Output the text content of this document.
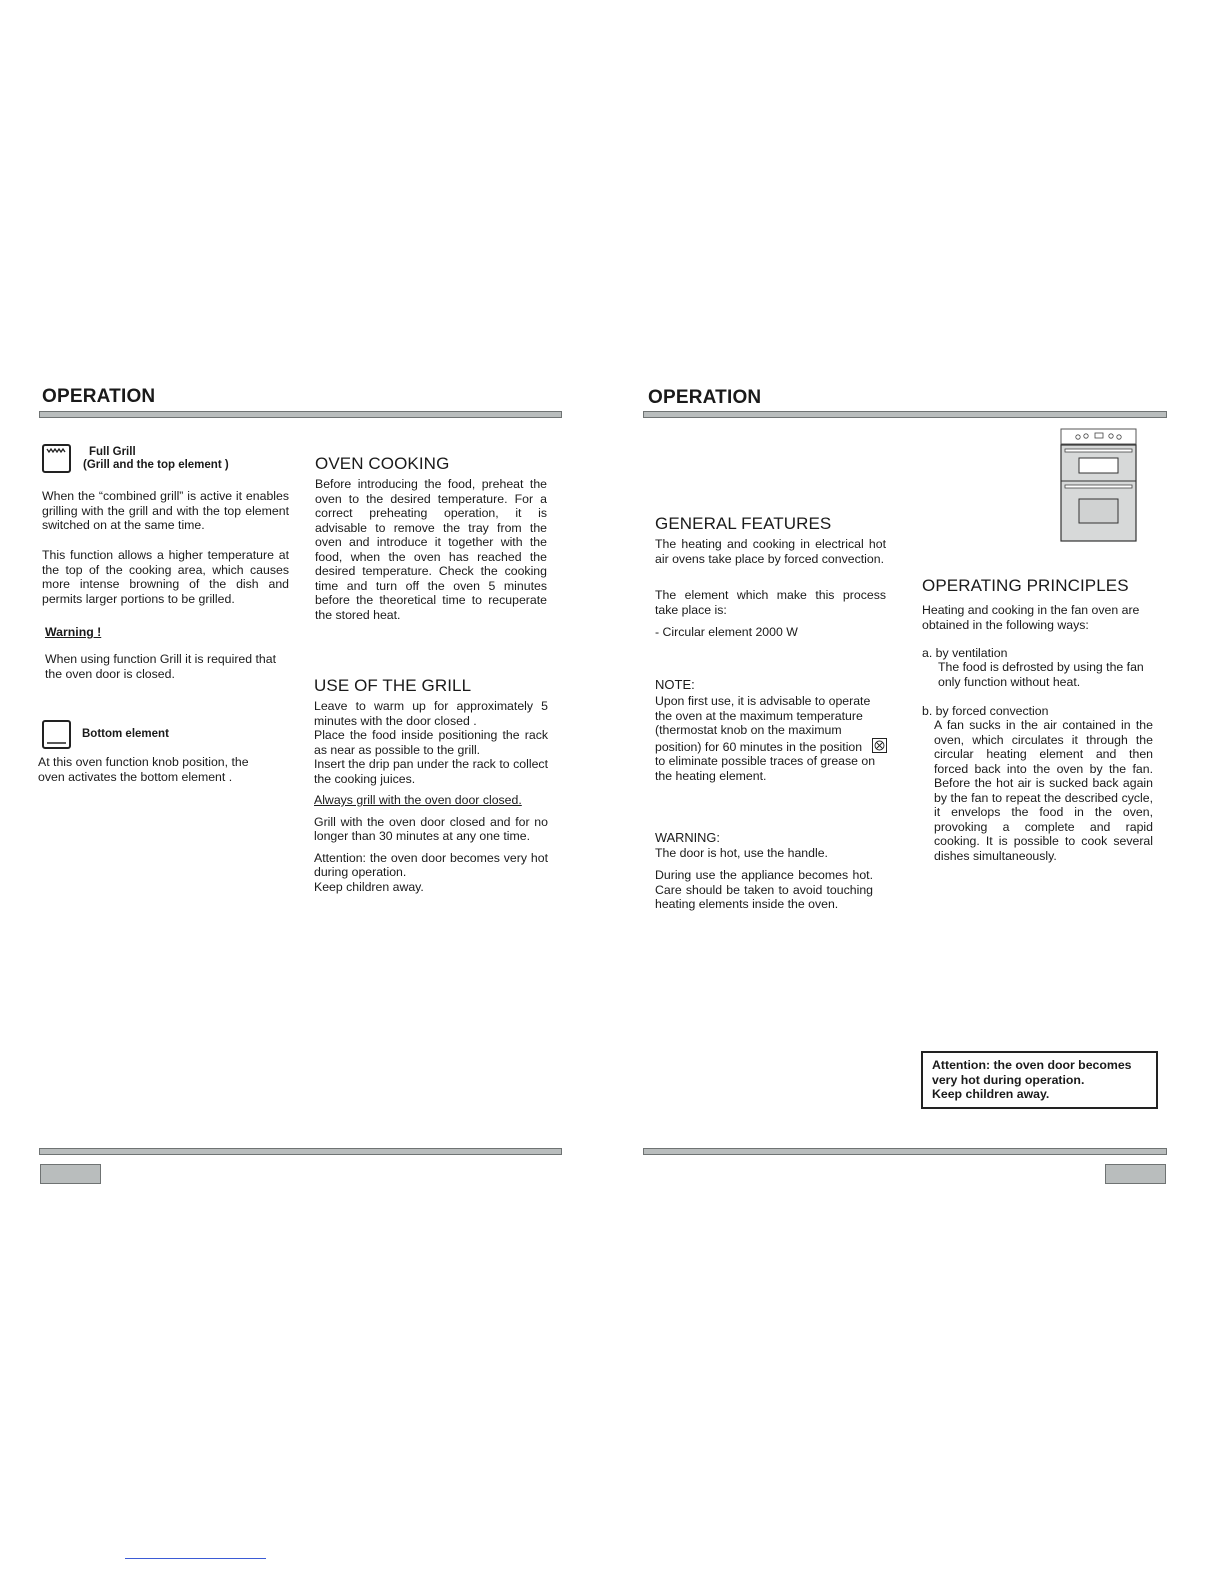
OPERATION
Full Grill
(Grill and the top element )
When the “combined grill” is active it enables grilling with the grill and with the top element switched on at the same time.
This function allows a higher temperature at the top of the cooking area, which causes more intense browning of the dish and permits larger portions to be grilled.
Warning !
When using function Grill it is required that the oven door is closed.
Bottom element
At this oven function knob position, the oven activates the bottom element .
OVEN COOKING
Before introducing the food, preheat the oven to the desired temperature. For a correct preheating operation, it is advisable to remove the tray from the oven and introduce it together with the food, when the oven has reached the desired temperature. Check the cooking time and turn off the oven 5 minutes before the theoretical time to recuperate the stored heat.
USE OF THE GRILL

Leave to warm up for approximately 5 minutes with the door closed .

Place the food inside positioning the rack as near as possible to the grill.

Insert the drip pan under the rack to collect the cooking juices.

Always grill with the oven door closed.

Grill with the oven door closed and for no longer than 30 minutes at any one time.

Attention: the oven door becomes very hot during operation.

Keep children away.

OPERATION
GENERAL FEATURES
The heating and cooking in electrical hot air ovens take place by forced convection.
The element which make this process take place is:
- Circular element 2000 W
NOTE:
Upon first use, it is advisable to operate the oven at the maximum temperature (thermostat knob on the maximum position) for 60 minutes in the position
to eliminate possible traces of grease on the heating element.
WARNING:
The door is hot, use the handle.
During use the appliance becomes hot. Care should be taken to avoid touching heating elements inside the oven.
OPERATING PRINCIPLES
Heating and cooking in the fan oven are obtained in the following ways:
a. by ventilation
The food is defrosted by using the fan only function without heat.
b. by forced convection
A fan sucks in the air contained in the oven, which circulates it through the circular heating element and then forced back into the oven by the fan. Before the hot air is sucked back again by the fan to repeat the described cycle, it envelops the food in the oven, provoking a complete and rapid cooking. It is possible to cook several dishes simultaneously.
Attention: the oven door becomes very hot during operation.
Keep children away.
